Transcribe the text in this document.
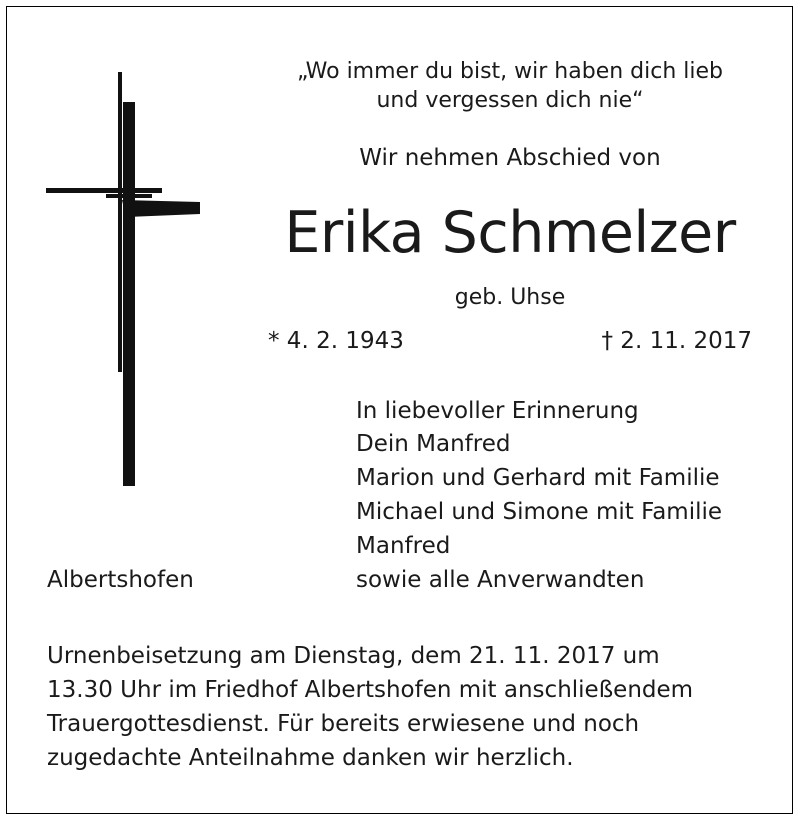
„Wo immer du bist, wir haben dich lieb
und vergessen dich nie“
Wir nehmen Abschied von
Erika Schmelzer
geb. Uhse
* 4. 2. 1943	† 2. 11. 2017
In liebevoller Erinnerung
Dein Manfred
Marion und Gerhard mit Familie
Michael und Simone mit Familie
Manfred
sowie alle Anverwandten
Albertshofen
Urnenbeisetzung am Dienstag, dem 21. 11. 2017 um
13.30 Uhr im Friedhof Albertshofen mit anschließendem
Trauergottesdienst. Für bereits erwiesene und noch
zugedachte Anteilnahme danken wir herzlich.
